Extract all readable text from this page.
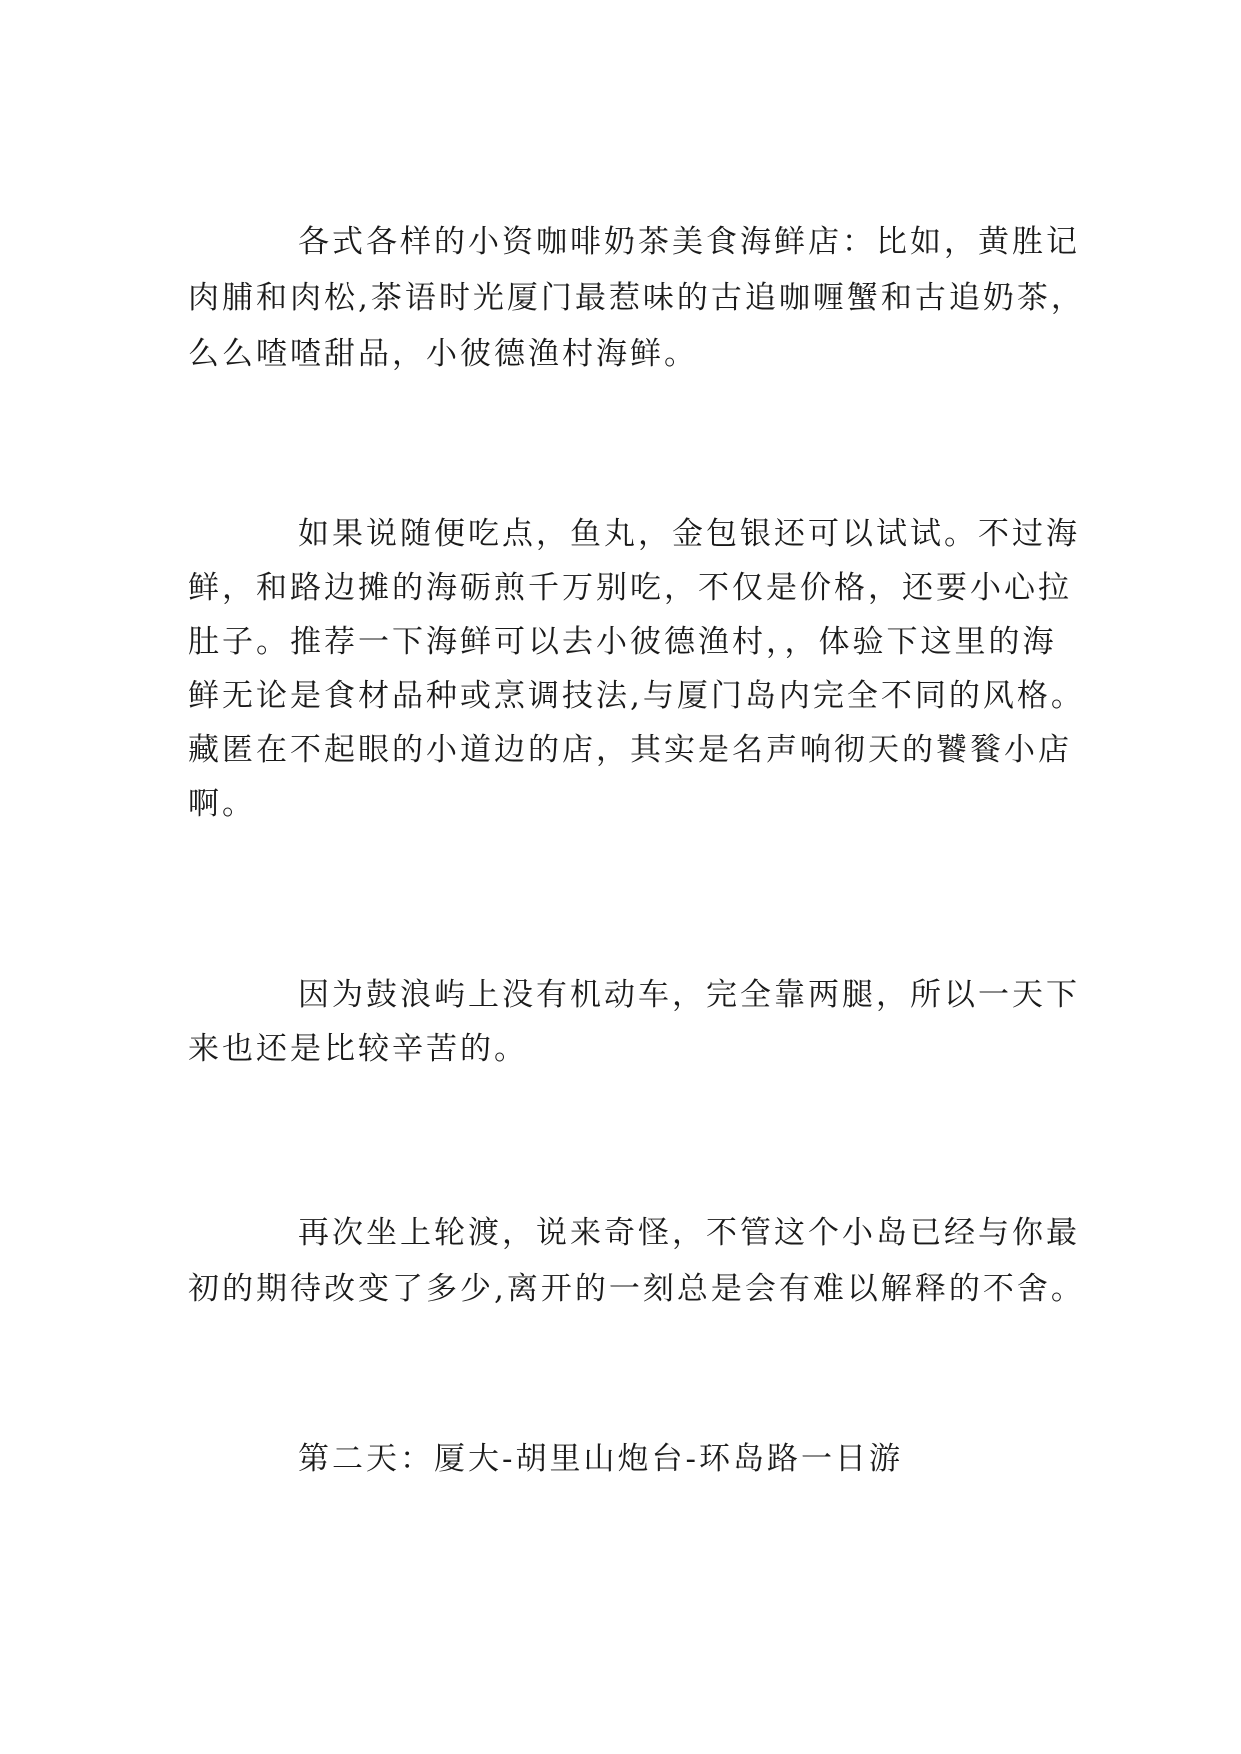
各式各样的小资咖啡奶茶美食海鲜店：比如，黄胜记
肉脯和肉松,茶语时光厦门最惹味的古追咖喱蟹和古追奶茶，
么么喳喳甜品，小彼德渔村海鲜。

如果说随便吃点，鱼丸，金包银还可以试试。不过海
鲜，和路边摊的海砺煎千万别吃，不仅是价格，还要小心拉
肚子。推荐一下海鲜可以去小彼德渔村，，体验下这里的海
鲜无论是食材品种或烹调技法,与厦门岛内完全不同的风格。
藏匿在不起眼的小道边的店，其实是名声响彻天的饕餮小店
啊。

因为鼓浪屿上没有机动车，完全靠两腿，所以一天下
来也还是比较辛苦的。

再次坐上轮渡，说来奇怪，不管这个小岛已经与你最
初的期待改变了多少,离开的一刻总是会有难以解释的不舍。

第二天：厦大-胡里山炮台-环岛路一日游
